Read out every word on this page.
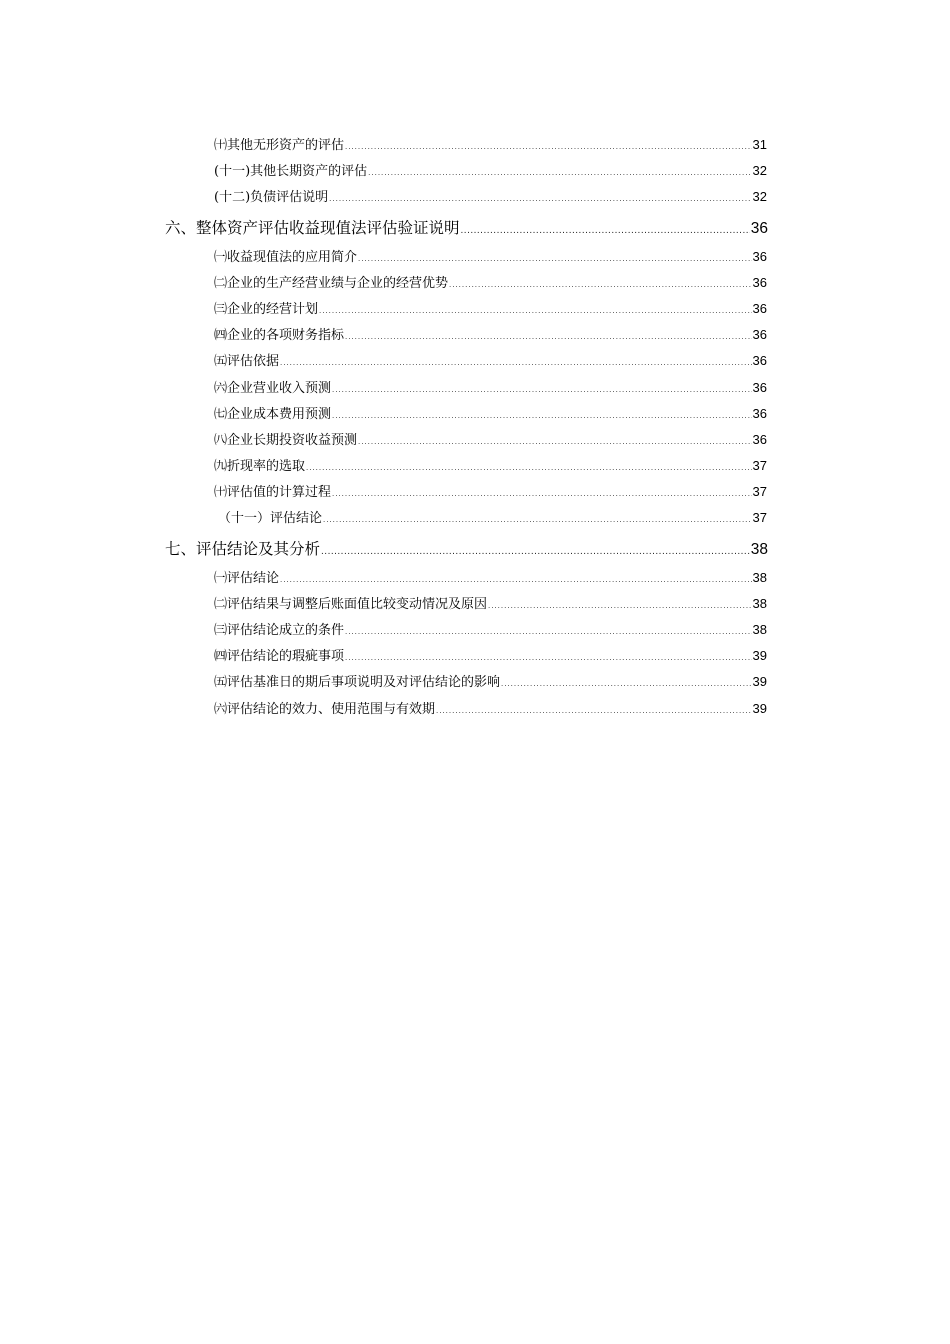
㈩其他无形资产的评估 .....	31
(十一)其他长期资产的评估 .....	32
(十二)负债评估说明 .....	32
六、整体资产评估收益现值法评估验证说明 .....	36
㈠收益现值法的应用简介 .....	36
㈡企业的生产经营业绩与企业的经营优势 .....	36
㈢企业的经营计划 .....	36
㈣企业的各项财务指标 .....	36
㈤评估依据 .....	36
㈥企业营业收入预测 .....	36
㈦企业成本费用预测 .....	36
㈧企业长期投资收益预测 .....	36
㈨折现率的选取 .....	37
㈩评估值的计算过程 .....	37
（十一）评估结论 .....	37
七、评估结论及其分析 .....	38
㈠评估结论 .....	38
㈡评估结果与调整后账面值比较变动情况及原因 .....	38
㈢评估结论成立的条件 .....	38
㈣评估结论的瑕疵事项 .....	39
㈤评估基准日的期后事项说明及对评估结论的影响 .....	39
㈥评估结论的效力、使用范围与有效期 .....	39
